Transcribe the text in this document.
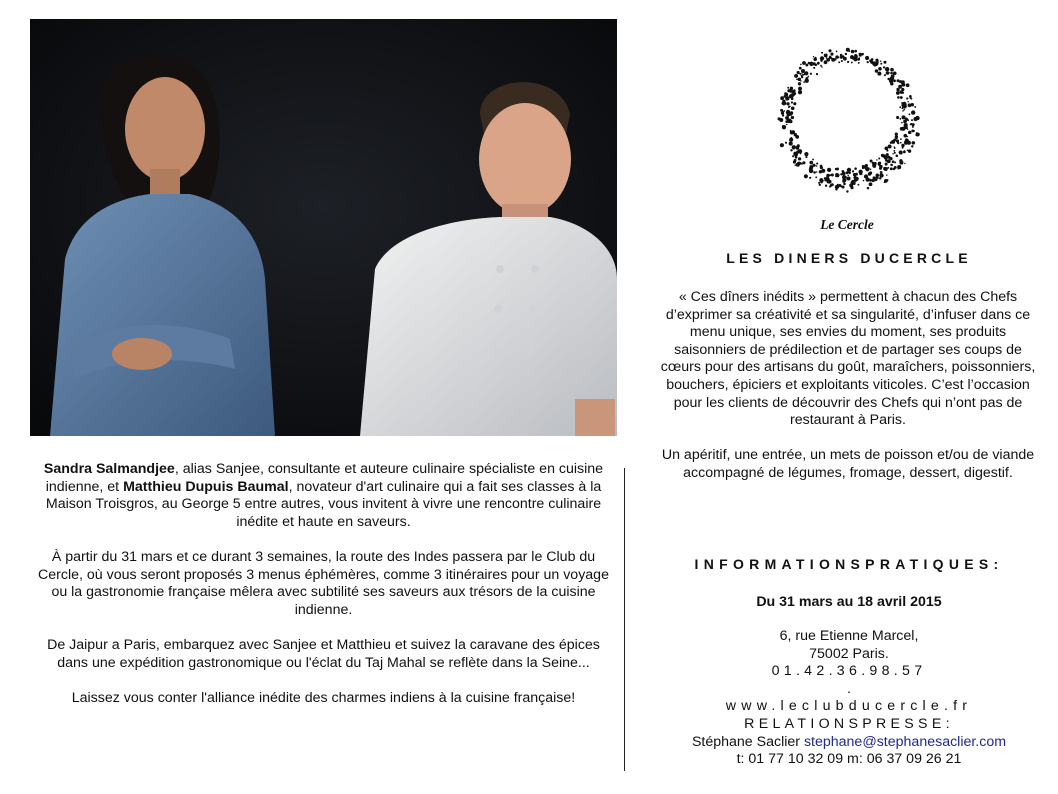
Sandra Salmandjee, alias Sanjee, consultante et auteure culinaire spécialiste en cuisine indienne, et Matthieu Dupuis Baumal, novateur d'art culinaire qui a fait ses classes à la Maison Troisgros, au George 5 entre autres, vous invitent à vivre une rencontre culinaire inédite et haute en saveurs.

À partir du 31 mars et ce durant 3 semaines, la route des Indes passera par le Club du Cercle, où vous seront proposés 3 menus éphémères, comme 3 itinéraires pour un voyage ou la gastronomie française mêlera avec subtilité ses saveurs aux trésors de la cuisine indienne.

De Jaipur a Paris, embarquez avec Sanjee et Matthieu et suivez la caravane des épices dans une expédition gastronomique ou l'éclat du Taj Mahal se reflète dans la Seine...

Laissez vous conter l'alliance inédite des charmes indiens à la cuisine française!

Le Cercle
LES DINERS DUCERCLE

« Ces dîners inédits » permettent à chacun des Chefs d’exprimer sa créativité et sa singularité, d’infuser dans ce menu unique, ses envies du moment, ses produits saisonniers de prédilection et de partager ses coups de cœurs pour des artisans du goût, maraîchers, poissonniers, bouchers, épiciers et exploitants viticoles. C’est l’occasion pour les clients de découvrir des Chefs qui n’ont pas de restaurant à Paris.

Un apéritif, une entrée, un mets de poisson et/ou de viande accompagné de légumes, fromage, dessert, digestif.

INFORMATIONSPRATIQUES:
Du 31 mars au 18 avril 2015
6, rue Etienne Marcel,
75002 Paris.
01.42.36.98.57
.
www.leclubducercle.fr
RELATIONSPRESSE:
Stéphane Saclier stephane@stephanesaclier.com
t: 01 77 10 32 09 m: 06 37 09 26 21
